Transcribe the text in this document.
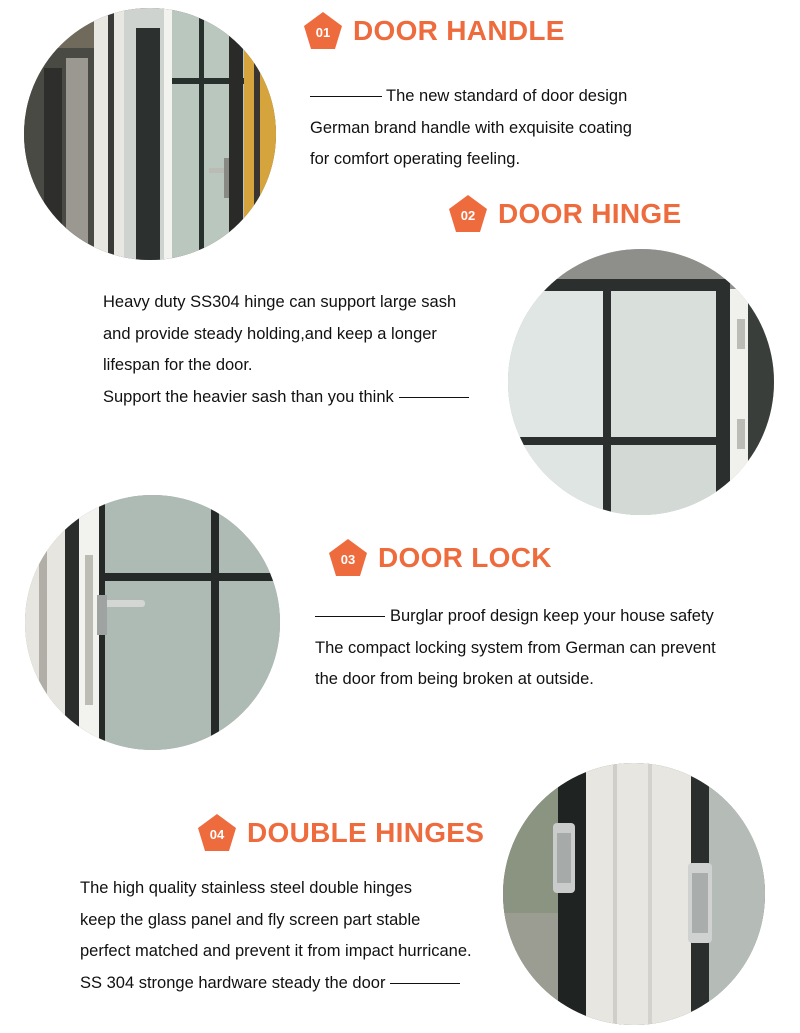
01 DOOR HANDLE
The new standard of door design
German brand handle with exquisite coating
for comfort operating feeling.
02 DOOR HINGE
Heavy duty SS304 hinge can support large sash
and provide steady holding,and keep a longer
lifespan for the door.
Support the heavier sash than you think
03 DOOR LOCK
Burglar proof design keep your house safety
The compact locking system from German can prevent
the door from being broken at outside.
04 DOUBLE HINGES
The high quality stainless steel double hinges
keep the glass panel and fly screen part stable
perfect matched and prevent it from impact hurricane.
SS 304 stronge hardware steady the door
